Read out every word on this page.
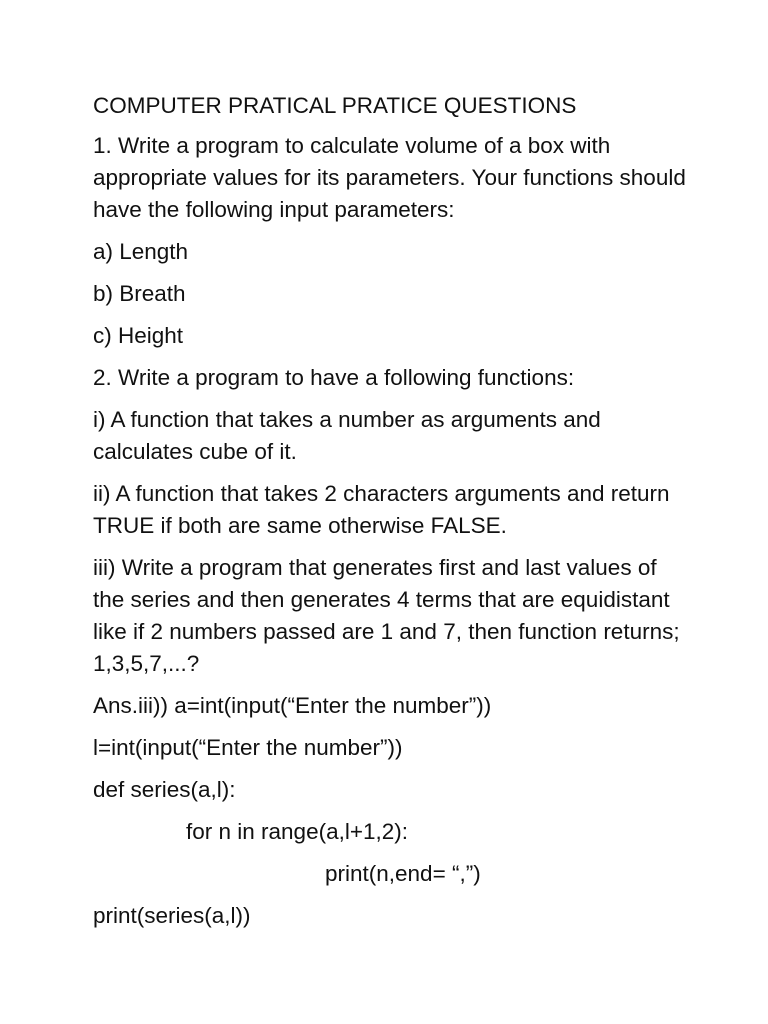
COMPUTER PRATICAL PRATICE QUESTIONS

1. Write a program to calculate volume of a box with appropriate values for its parameters. Your functions should have the following input parameters:

a) Length

b) Breath

c) Height

2. Write a program to have a following functions:

i) A function that takes a number as arguments and calculates cube of it.

ii) A function that takes 2 characters arguments and return TRUE if both are same otherwise FALSE.

iii) Write a program that generates first and last values of the series and then generates 4 terms that are equidistant like if 2 numbers passed are 1 and 7, then function returns; 1,3,5,7,...?

Ans.iii)) a=int(input(“Enter the number”))

l=int(input(“Enter the number”))

def series(a,l):

for n in range(a,l+1,2):

print(n,end= “,”)

print(series(a,l))
